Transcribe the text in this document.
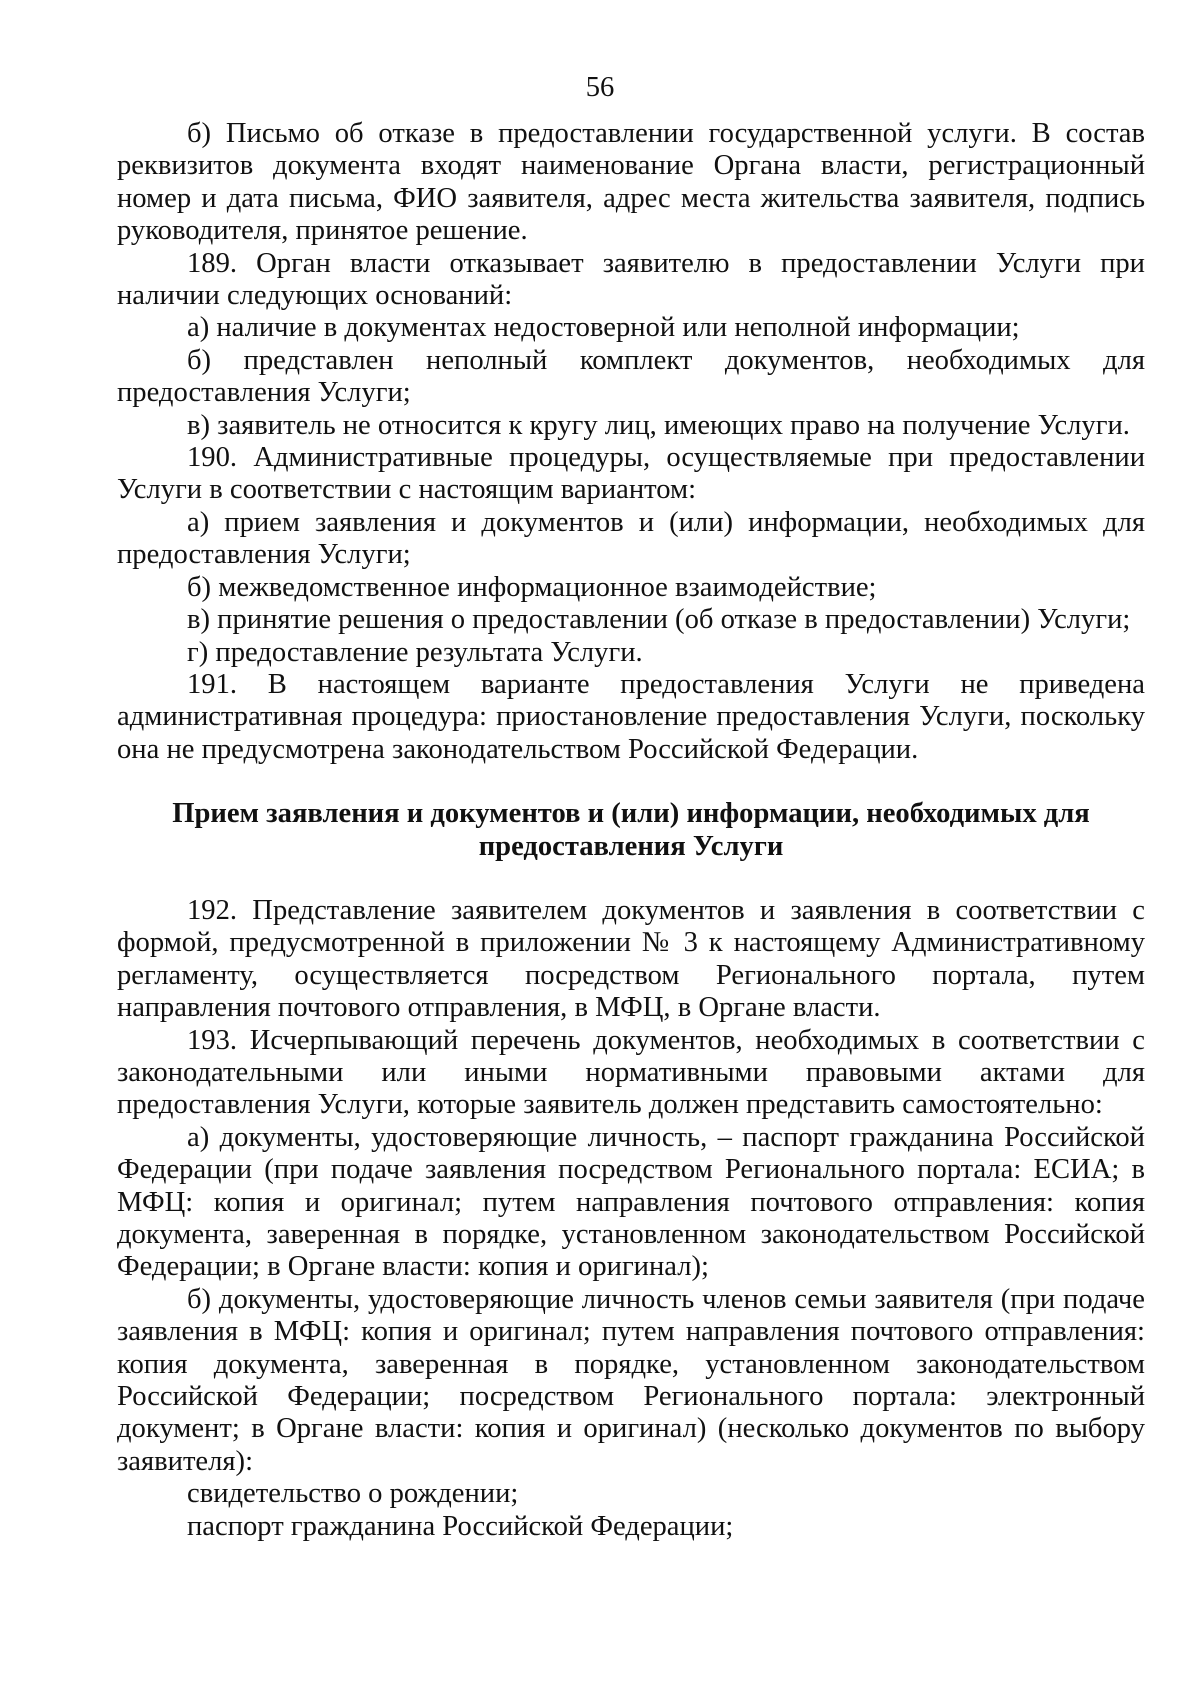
56

б) Письмо об отказе в предоставлении государственной услуги. В состав реквизитов документа входят наименование Органа власти, регистрационный номер и дата письма, ФИО заявителя, адрес места жительства заявителя, подпись руководителя, принятое решение.

189. Орган власти отказывает заявителю в предоставлении Услуги при наличии следующих оснований:

а) наличие в документах недостоверной или неполной информации;

б) представлен неполный комплект документов, необходимых для предоставления Услуги;

в) заявитель не относится к кругу лиц, имеющих право на получение Услуги.

190. Административные процедуры, осуществляемые при предоставлении Услуги в соответствии с настоящим вариантом:

а) прием заявления и документов и (или) информации, необходимых для предоставления Услуги;

б) межведомственное информационное взаимодействие;

в) принятие решения о предоставлении (об отказе в предоставлении) Услуги;

г) предоставление результата Услуги.

191. В настоящем варианте предоставления Услуги не приведена административная процедура: приостановление предоставления Услуги, поскольку она не предусмотрена законодательством Российской Федерации.

Прием заявления и документов и (или) информации, необходимых для предоставления Услуги

192. Представление заявителем документов и заявления в соответствии с формой, предусмотренной в приложении № 3 к настоящему Административному регламенту, осуществляется посредством Регионального портала, путем направления почтового отправления, в МФЦ, в Органе власти.

193. Исчерпывающий перечень документов, необходимых в соответствии с законодательными или иными нормативными правовыми актами для предоставления Услуги, которые заявитель должен представить самостоятельно:

а) документы, удостоверяющие личность, – паспорт гражданина Российской Федерации (при подаче заявления посредством Регионального портала: ЕСИА; в МФЦ: копия и оригинал; путем направления почтового отправления: копия документа, заверенная в порядке, установленном законодательством Российской Федерации; в Органе власти: копия и оригинал);

б) документы, удостоверяющие личность членов семьи заявителя (при подаче заявления в МФЦ: копия и оригинал; путем направления почтового отправления: копия документа, заверенная в порядке, установленном законодательством Российской Федерации; посредством Регионального портала: электронный документ; в Органе власти: копия и оригинал) (несколько документов по выбору заявителя):

свидетельство о рождении;

паспорт гражданина Российской Федерации;
